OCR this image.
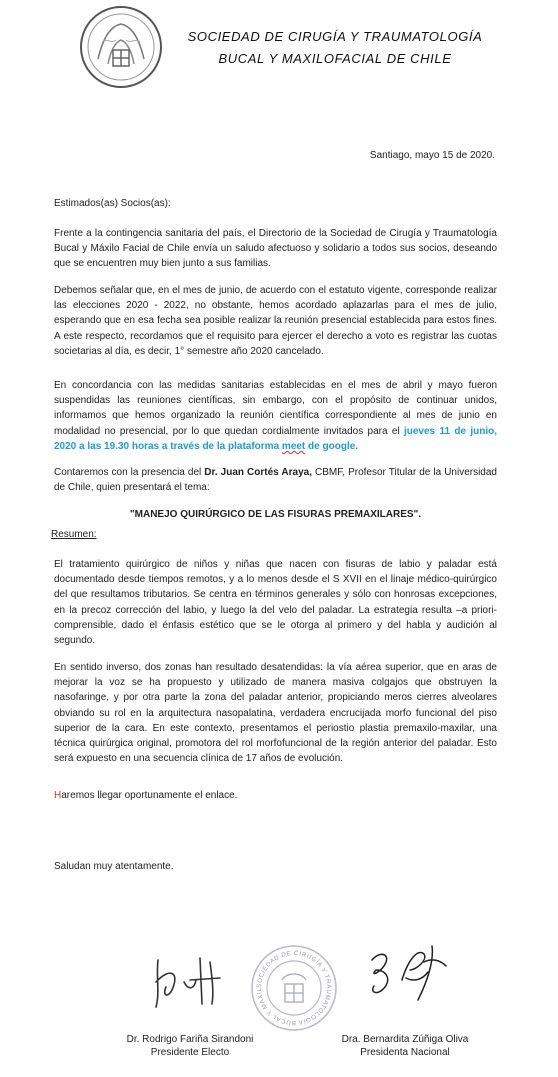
SOCIEDAD DE CIRUGÍA Y TRAUMATOLOGÍA
BUCAL Y MAXILOFACIAL DE CHILE
Santiago, mayo 15 de 2020.
Estimados(as) Socios(as):
Frente a la contingencia sanitaria del país, el Directorio de la Sociedad de Cirugía y Traumatología Bucal y Máxilo Facial de Chile envía un saludo afectuoso y solidario a todos sus socios, deseando que se encuentren muy bien junto a sus familias.
Debemos señalar que, en el mes de junio, de acuerdo con el estatuto vigente, corresponde realizar las elecciones 2020 - 2022, no obstante, hemos acordado aplazarlas para el mes de julio, esperando que en esa fecha sea posible realizar la reunión presencial establecida para estos fines. A este respecto, recordamos que el requisito para ejercer el derecho a voto es registrar las cuotas societarias al día, es decir, 1° semestre año 2020 cancelado.
En concordancia con las medidas sanitarias establecidas en el mes de abril y mayo fueron suspendidas las reuniones científicas, sin embargo, con el propósito de continuar unidos, informamos que hemos organizado la reunión científica correspondiente al mes de junio en modalidad no presencial, por lo que quedan cordialmente invitados para el jueves 11 de junio, 2020 a las 19.30 horas a través de la plataforma meet de google.
Contaremos con la presencia del Dr. Juan Cortés Araya, CBMF, Profesor Titular de la Universidad de Chile, quien presentará el tema:
"MANEJO QUIRÚRGICO DE LAS FISURAS PREMAXILARES".
Resumen:
El tratamiento quirúrgico de niños y niñas que nacen con fisuras de labio y paladar está documentado desde tiempos remotos, y a lo menos desde el S XVII en el linaje médico-quirúrgico del que resultamos tributarios. Se centra en términos generales y sólo con honrosas excepciones, en la precoz corrección del labio, y luego la del velo del paladar. La estrategia resulta –a priori- comprensible, dado el énfasis estético que se le otorga al primero y del habla y audición al segundo.
En sentido inverso, dos zonas han resultado desatendidas: la vía aérea superior, que en aras de mejorar la voz se ha propuesto y utilizado de manera masiva colgajos que obstruyen la nasofaringe, y por otra parte la zona del paladar anterior, propiciando meros cierres alveolares obviando su rol en la arquitectura nasopalatina, verdadera encrucijada morfo funcional del piso superior de la cara. En este contexto, presentamos el periostio plastia premaxilo-maxilar, una técnica quirúrgica original, promotora del rol morfofuncional de la región anterior del paladar. Esto será expuesto en una secuencia clínica de 17 años de evolución.
Haremos llegar oportunamente el enlace.
Saludan muy atentamente.
SOCIEDAD DE CIRUGÍA Y TRAUMATOLOGÍA BUCAL Y MAXIL
Dr. Rodrigo Fariña Sirandoni
Presidente Electo
Dra. Bernardita Zúñiga Oliva
Presidenta Nacional
